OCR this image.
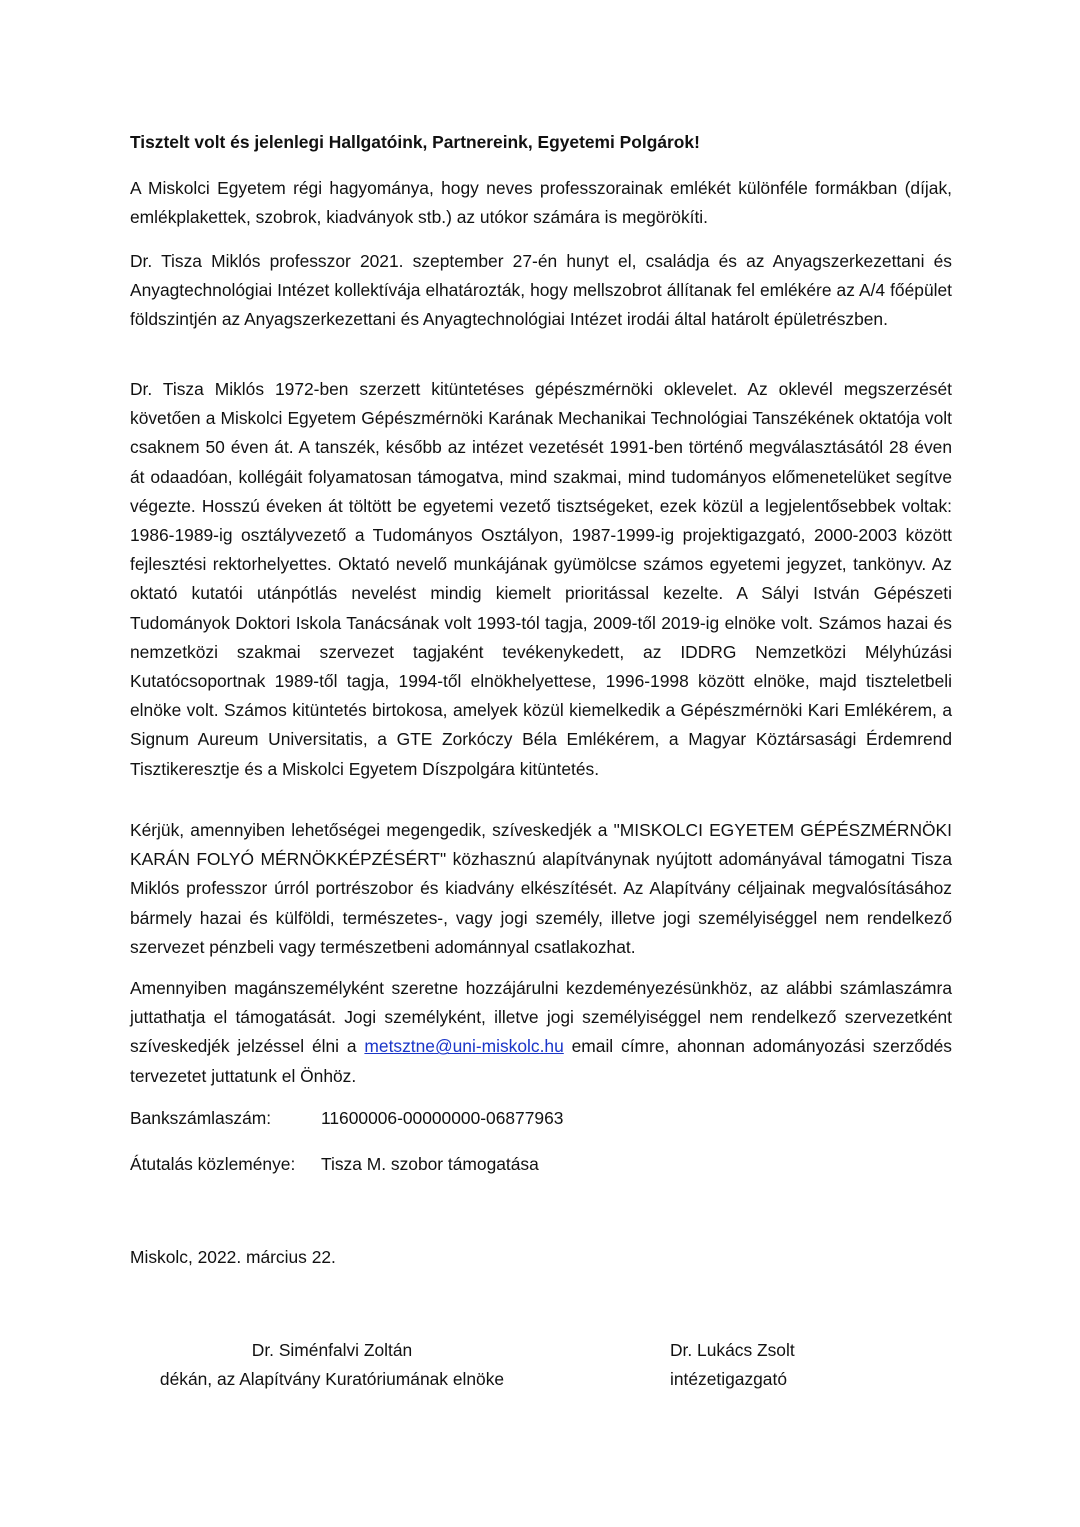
Tisztelt volt és jelenlegi Hallgatóink, Partnereink, Egyetemi Polgárok!
A Miskolci Egyetem régi hagyománya, hogy neves professzorainak emlékét különféle formákban (díjak, emlékplakettek, szobrok, kiadványok stb.) az utókor számára is megörökíti.
Dr. Tisza Miklós professzor 2021. szeptember 27-én hunyt el, családja és az Anyagszerkezettani és Anyagtechnológiai Intézet kollektívája elhatározták, hogy mellszobrot állítanak fel emlékére az A/4 főépület földszintjén az Anyagszerkezettani és Anyagtechnológiai Intézet irodái által határolt épületrészben.
Dr. Tisza Miklós 1972-ben szerzett kitüntetéses gépészmérnöki oklevelet. Az oklevél megszerzését követően a Miskolci Egyetem Gépészmérnöki Karának Mechanikai Technológiai Tanszékének oktatója volt csaknem 50 éven át. A tanszék, később az intézet vezetését 1991-ben történő megválasztásától 28 éven át odaadóan, kollégáit folyamatosan támogatva, mind szakmai, mind tudományos előmenetelüket segítve végezte. Hosszú éveken át töltött be egyetemi vezető tisztségeket, ezek közül a legjelentősebbek voltak: 1986-1989-ig osztályvezető a Tudományos Osztályon, 1987-1999-ig projektigazgató, 2000-2003 között fejlesztési rektorhelyettes. Oktató nevelő munkájának gyümölcse számos egyetemi jegyzet, tankönyv. Az oktató kutatói utánpótlás nevelést mindig kiemelt prioritással kezelte. A Sályi István Gépészeti Tudományok Doktori Iskola Tanácsának volt 1993-tól tagja, 2009-től 2019-ig elnöke volt. Számos hazai és nemzetközi szakmai szervezet tagjaként tevékenykedett, az IDDRG Nemzetközi Mélyhúzási Kutatócsoportnak 1989-től tagja, 1994-től elnökhelyettese, 1996-1998 között elnöke, majd tiszteletbeli elnöke volt. Számos kitüntetés birtokosa, amelyek közül kiemelkedik a Gépészmérnöki Kari Emlékérem, a Signum Aureum Universitatis, a GTE Zorkóczy Béla Emlékérem, a Magyar Köztársasági Érdemrend Tisztikeresztje és a Miskolci Egyetem Díszpolgára kitüntetés.
Kérjük, amennyiben lehetőségei megengedik, szíveskedjék a "MISKOLCI EGYETEM GÉPÉSZMÉRNÖKI KARÁN FOLYÓ MÉRNÖKKÉPZÉSÉRT" közhasznú alapítványnak nyújtott adományával támogatni Tisza Miklós professzor úrról portrészobor és kiadvány elkészítését. Az Alapítvány céljainak megvalósításához bármely hazai és külföldi, természetes-, vagy jogi személy, illetve jogi személyiséggel nem rendelkező szervezet pénzbeli vagy természetbeni adománnyal csatlakozhat.
Amennyiben magánszemélyként szeretne hozzájárulni kezdeményezésünkhöz, az alábbi számlaszámra juttathatja el támogatását. Jogi személyként, illetve jogi személyiséggel nem rendelkező szervezetként szíveskedjék jelzéssel élni a metsztne@uni-miskolc.hu email címre, ahonnan adományozási szerződés tervezetet juttatunk el Önhöz.
Bankszámlaszám:	11600006-00000000-06877963
Átutalás közleménye: Tisza M. szobor támogatása
Miskolc, 2022. március 22.
Dr. Siménfalvi Zoltán
dékán, az Alapítvány Kuratóriumának elnöke
Dr. Lukács Zsolt
intézetigazgató
